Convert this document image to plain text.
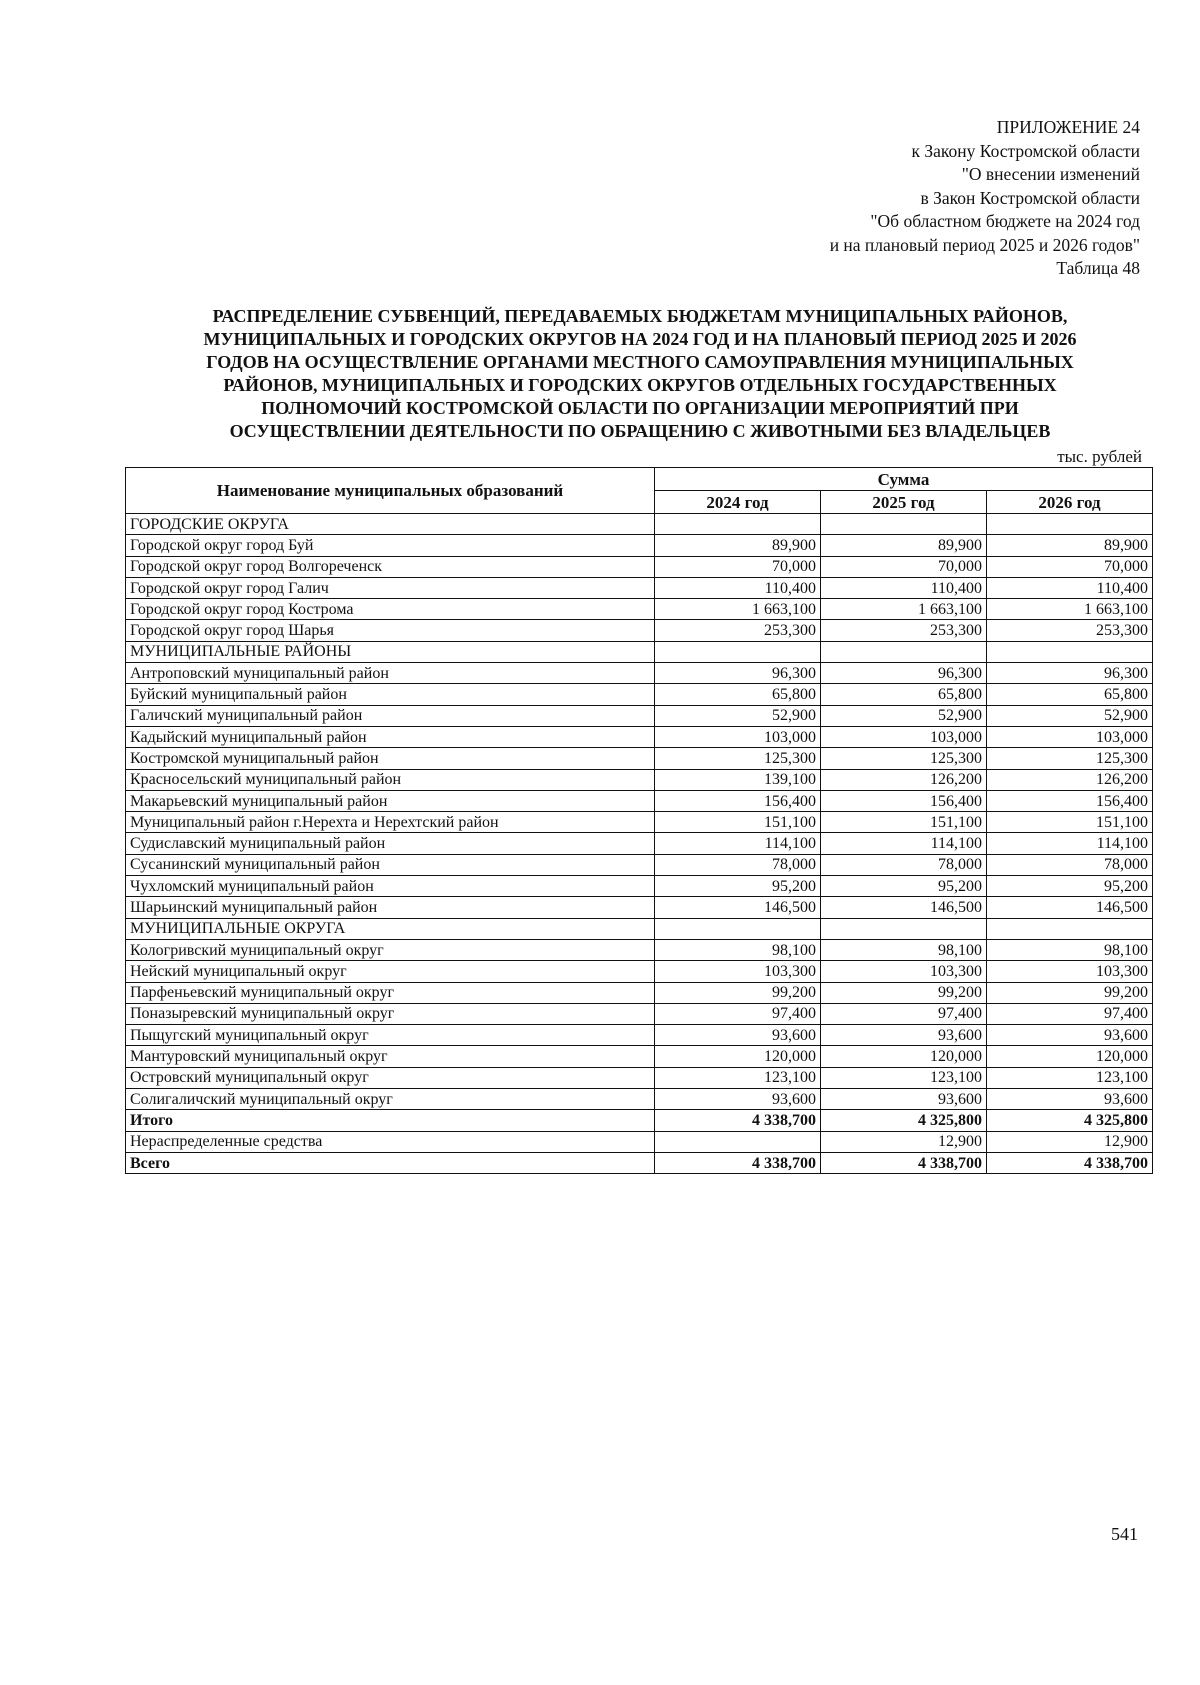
ПРИЛОЖЕНИЕ 24
к Закону Костромской области
"О внесении изменений
в Закон Костромской области
"Об областном бюджете на 2024 год
и на плановый период 2025 и 2026 годов"
Таблица 48
РАСПРЕДЕЛЕНИЕ СУБВЕНЦИЙ, ПЕРЕДАВАЕМЫХ БЮДЖЕТАМ МУНИЦИПАЛЬНЫХ РАЙОНОВ,
МУНИЦИПАЛЬНЫХ И ГОРОДСКИХ ОКРУГОВ НА 2024 ГОД И НА ПЛАНОВЫЙ ПЕРИОД 2025 И 2026
ГОДОВ НА ОСУЩЕСТВЛЕНИЕ ОРГАНАМИ МЕСТНОГО САМОУПРАВЛЕНИЯ МУНИЦИПАЛЬНЫХ
РАЙОНОВ, МУНИЦИПАЛЬНЫХ И ГОРОДСКИХ ОКРУГОВ ОТДЕЛЬНЫХ ГОСУДАРСТВЕННЫХ
ПОЛНОМОЧИЙ КОСТРОМСКОЙ ОБЛАСТИ ПО ОРГАНИЗАЦИИ МЕРОПРИЯТИЙ ПРИ
ОСУЩЕСТВЛЕНИИ ДЕЯТЕЛЬНОСТИ ПО ОБРАЩЕНИЮ С ЖИВОТНЫМИ БЕЗ ВЛАДЕЛЬЦЕВ
тыс. рублей
Наименование муниципальных образований	Сумма		
	2024 год	2025 год	2026 год
ГОРОДСКИЕ ОКРУГА			
Городской округ город Буй	89,900	89,900	89,900
Городской округ город Волгореченск	70,000	70,000	70,000
Городской округ город Галич	110,400	110,400	110,400
Городской округ город Кострома	1 663,100	1 663,100	1 663,100
Городской округ город Шарья	253,300	253,300	253,300
МУНИЦИПАЛЬНЫЕ РАЙОНЫ			
Антроповский муниципальный район	96,300	96,300	96,300
Буйский муниципальный район	65,800	65,800	65,800
Галичский муниципальный район	52,900	52,900	52,900
Кадыйский муниципальный район	103,000	103,000	103,000
Костромской муниципальный район	125,300	125,300	125,300
Красносельский муниципальный район	139,100	126,200	126,200
Макарьевский муниципальный район	156,400	156,400	156,400
Муниципальный район г.Нерехта и Нерехтский район	151,100	151,100	151,100
Судиславский муниципальный район	114,100	114,100	114,100
Сусанинский муниципальный район	78,000	78,000	78,000
Чухломский муниципальный район	95,200	95,200	95,200
Шарьинский муниципальный район	146,500	146,500	146,500
МУНИЦИПАЛЬНЫЕ ОКРУГА			
Кологривский муниципальный округ	98,100	98,100	98,100
Нейский муниципальный округ	103,300	103,300	103,300
Парфеньевский муниципальный округ	99,200	99,200	99,200
Поназыревский муниципальный округ	97,400	97,400	97,400
Пыщугский муниципальный округ	93,600	93,600	93,600
Мантуровский муниципальный округ	120,000	120,000	120,000
Островский муниципальный округ	123,100	123,100	123,100
Солигаличский муниципальный округ	93,600	93,600	93,600
Итого	4 338,700	4 325,800	4 325,800
Нераспределенные средства		12,900	12,900
Всего	4 338,700	4 338,700	4 338,700
541
